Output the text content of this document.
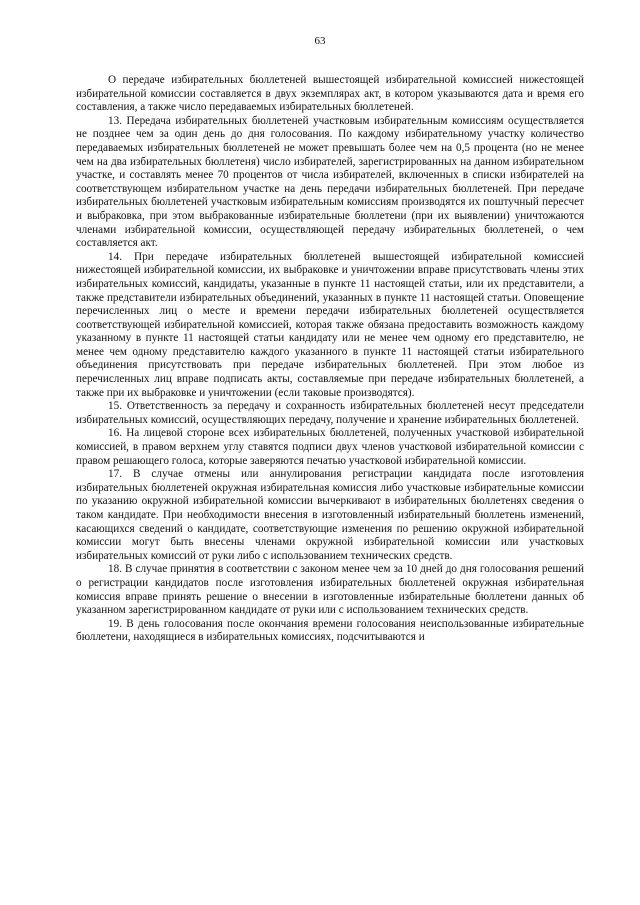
63

О передаче избирательных бюллетеней вышестоящей избирательной комиссией нижестоящей избирательной комиссии составляется в двух экземплярах акт, в котором указываются дата и время его составления, а также число передаваемых избирательных бюллетеней.

13. Передача избирательных бюллетеней участковым избирательным комиссиям осуществляется не позднее чем за один день до дня голосования. По каждому избирательному участку количество передаваемых избирательных бюллетеней не может превышать более чем на 0,5 процента (но не менее чем на два избирательных бюллетеня) число избирателей, зарегистрированных на данном избирательном участке, и составлять менее 70 процентов от числа избирателей, включенных в списки избирателей на соответствующем избирательном участке на день передачи избирательных бюллетеней. При передаче избирательных бюллетеней участковым избирательным комиссиям производятся их поштучный пересчет и выбраковка, при этом выбракованные избирательные бюллетени (при их выявлении) уничтожаются членами избирательной комиссии, осуществляющей передачу избирательных бюллетеней, о чем составляется акт.

14. При передаче избирательных бюллетеней вышестоящей избирательной комиссией нижестоящей избирательной комиссии, их выбраковке и уничтожении вправе присутствовать члены этих избирательных комиссий, кандидаты, указанные в пункте 11 настоящей статьи, или их представители, а также представители избирательных объединений, указанных в пункте 11 настоящей статьи. Оповещение перечисленных лиц о месте и времени передачи избирательных бюллетеней осуществляется соответствующей избирательной комиссией, которая также обязана предоставить возможность каждому указанному в пункте 11 настоящей статьи кандидату или не менее чем одному его представителю, не менее чем одному представителю каждого указанного в пункте 11 настоящей статьи избирательного объединения присутствовать при передаче избирательных бюллетеней. При этом любое из перечисленных лиц вправе подписать акты, составляемые при передаче избирательных бюллетеней, а также при их выбраковке и уничтожении (если таковые производятся).

15. Ответственность за передачу и сохранность избирательных бюллетеней несут председатели избирательных комиссий, осуществляющих передачу, получение и хранение избирательных бюллетеней.

16. На лицевой стороне всех избирательных бюллетеней, полученных участковой избирательной комиссией, в правом верхнем углу ставятся подписи двух членов участковой избирательной комиссии с правом решающего голоса, которые заверяются печатью участковой избирательной комиссии.

17. В случае отмены или аннулирования регистрации кандидата после изготовления избирательных бюллетеней окружная избирательная комиссия либо участковые избирательные комиссии по указанию окружной избирательной комиссии вычеркивают в избирательных бюллетенях сведения о таком кандидате. При необходимости внесения в изготовленный избирательный бюллетень изменений, касающихся сведений о кандидате, соответствующие изменения по решению окружной избирательной комиссии могут быть внесены членами окружной избирательной комиссии или участковых избирательных комиссий от руки либо с использованием технических средств.

18. В случае принятия в соответствии с законом менее чем за 10 дней до дня голосования решений о регистрации кандидатов после изготовления избирательных бюллетеней окружная избирательная комиссия вправе принять решение о внесении в изготовленные избирательные бюллетени данных об указанном зарегистрированном кандидате от руки или с использованием технических средств.

19. В день голосования после окончания времени голосования неиспользованные избирательные бюллетени, находящиеся в избирательных комиссиях, подсчитываются и
